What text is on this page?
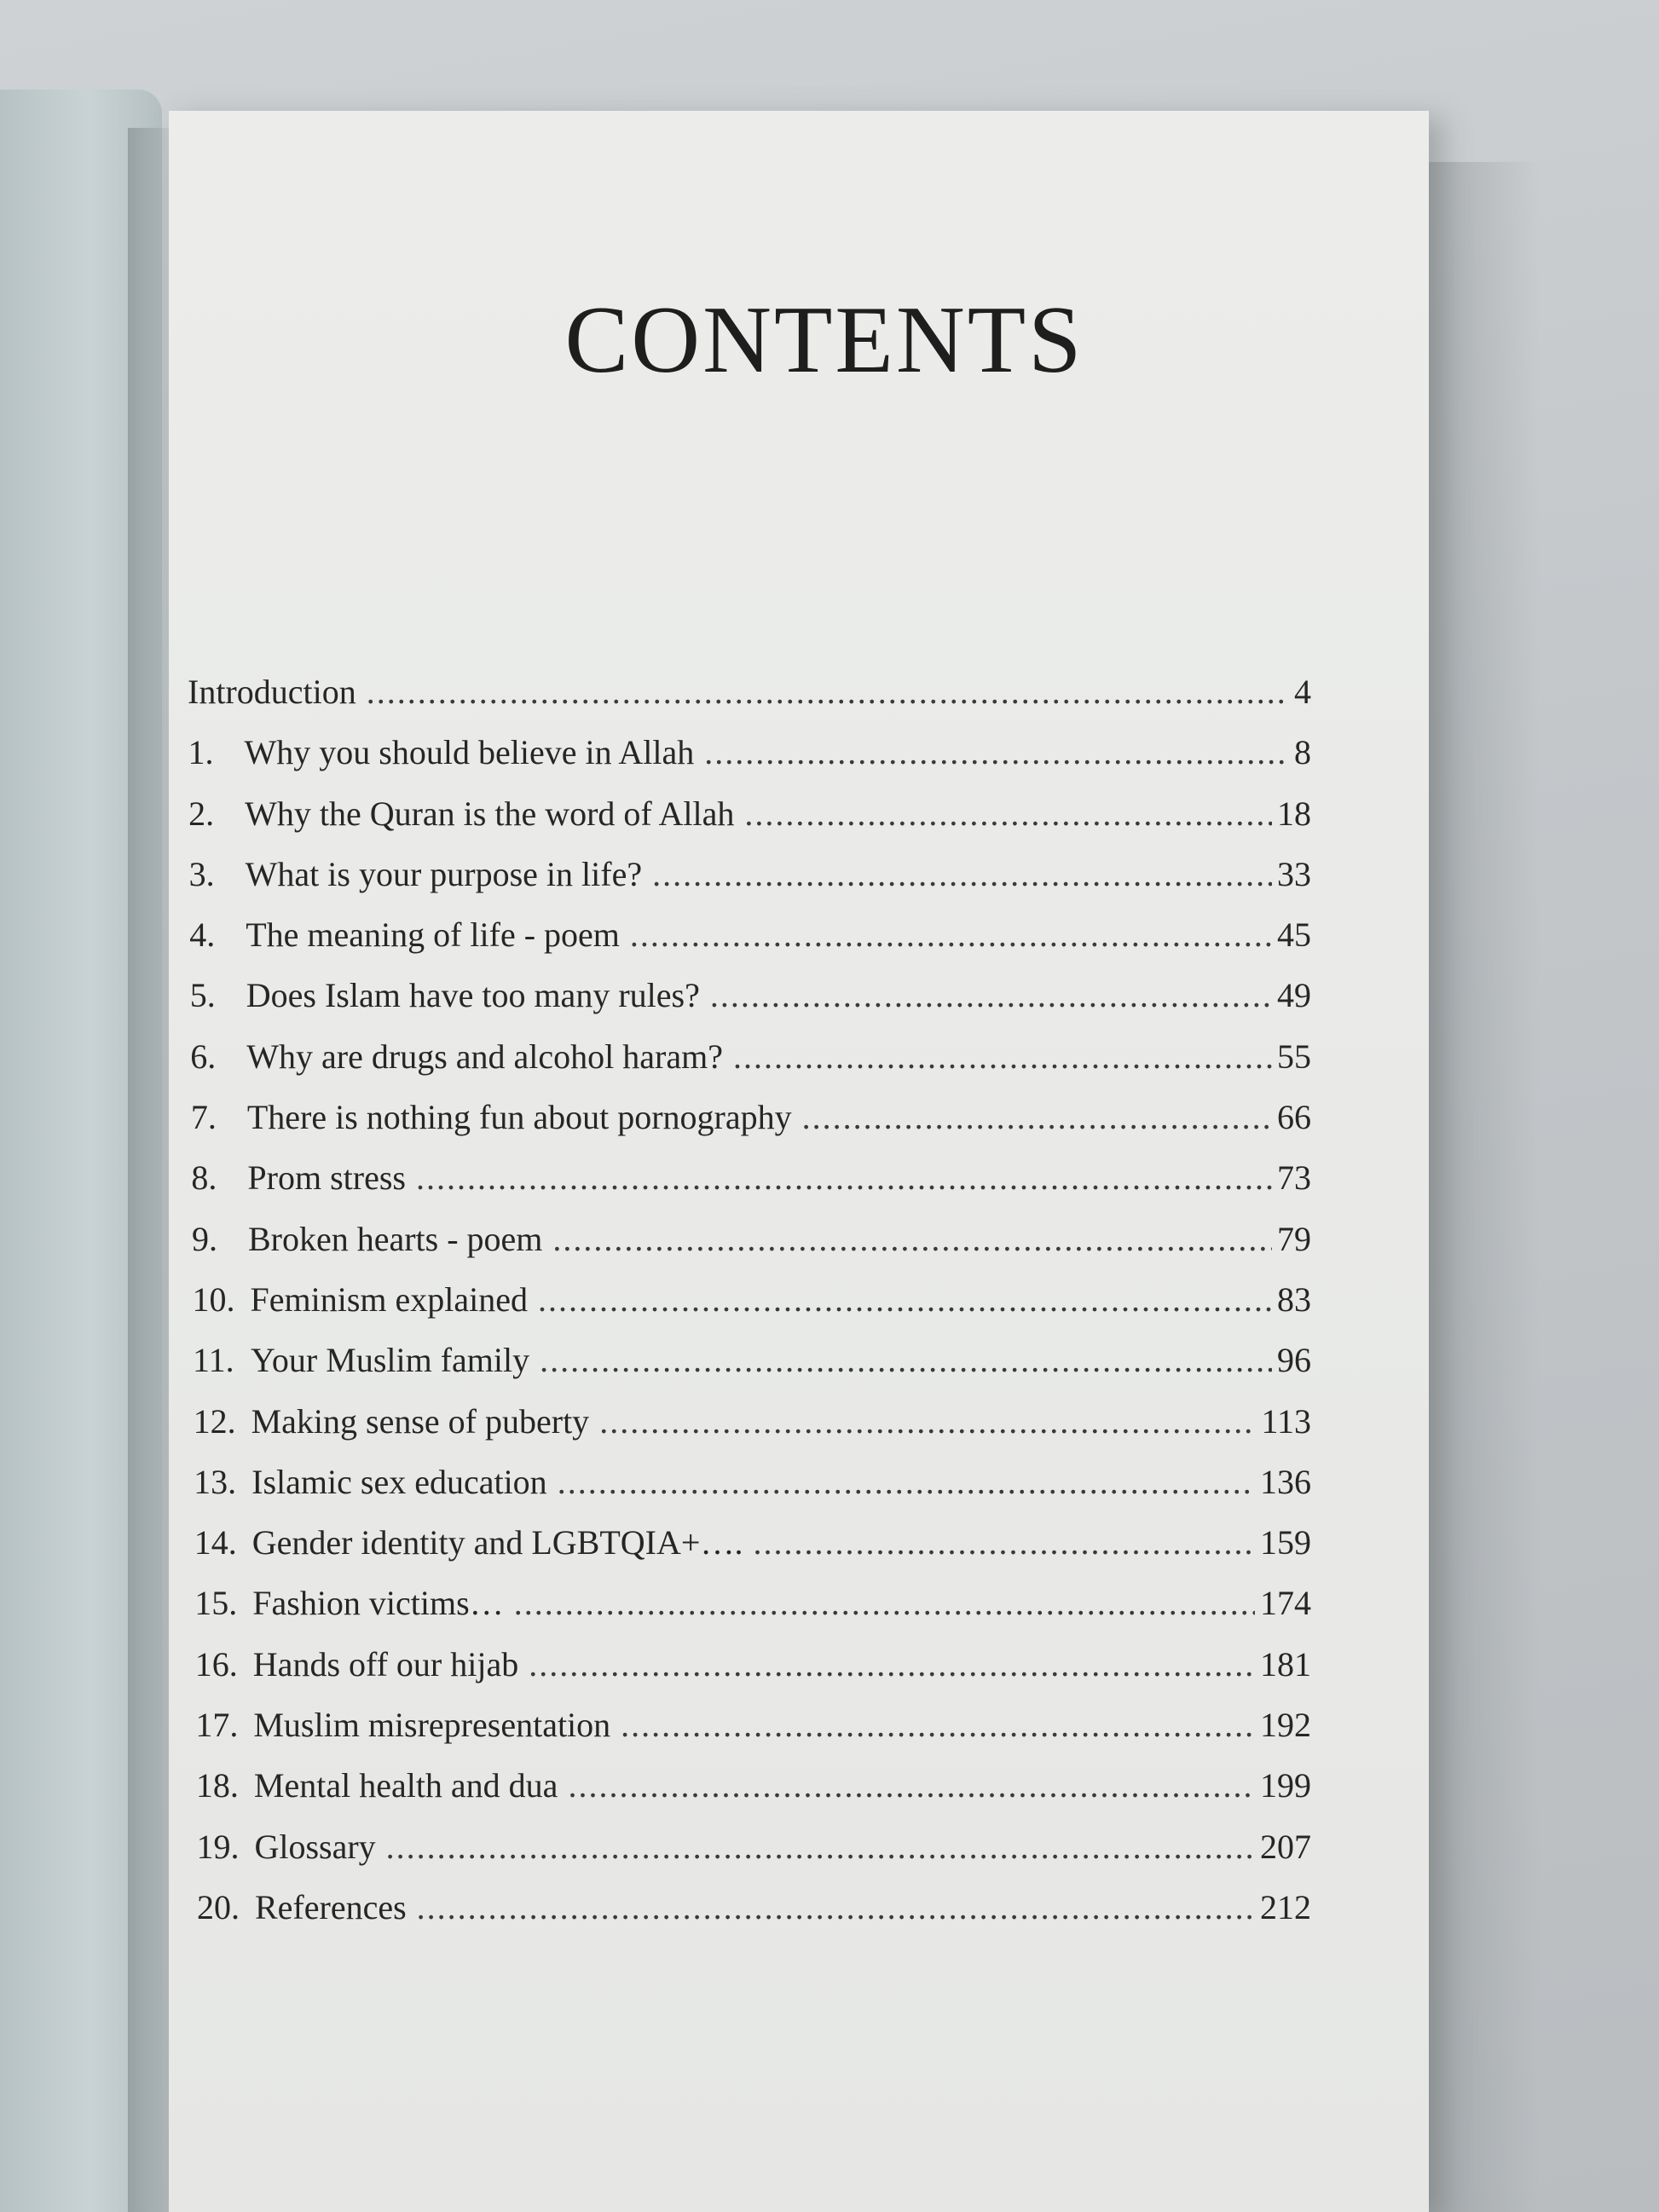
CONTENTS
Introduction .....	4
1. Why you should believe in Allah .....	8
2. Why the Quran is the word of Allah .....	18
3. What is your purpose in life? .....	33
4. The meaning of life - poem .....	45
5. Does Islam have too many rules? .....	49
6. Why are drugs and alcohol haram? .....	55
7. There is nothing fun about pornography .....	66
8. Prom stress .....	73
9. Broken hearts - poem .....	79
10. Feminism explained .....	83
11. Your Muslim family .....	96
12. Making sense of puberty .....	113
13. Islamic sex education .....	136
14. Gender identity and LGBTQIA+…. .....	159
15. Fashion victims… .....	174
16. Hands off our hijab .....	181
17. Muslim misrepresentation .....	192
18. Mental health and dua .....	199
19. Glossary .....	207
20. References .....	212
